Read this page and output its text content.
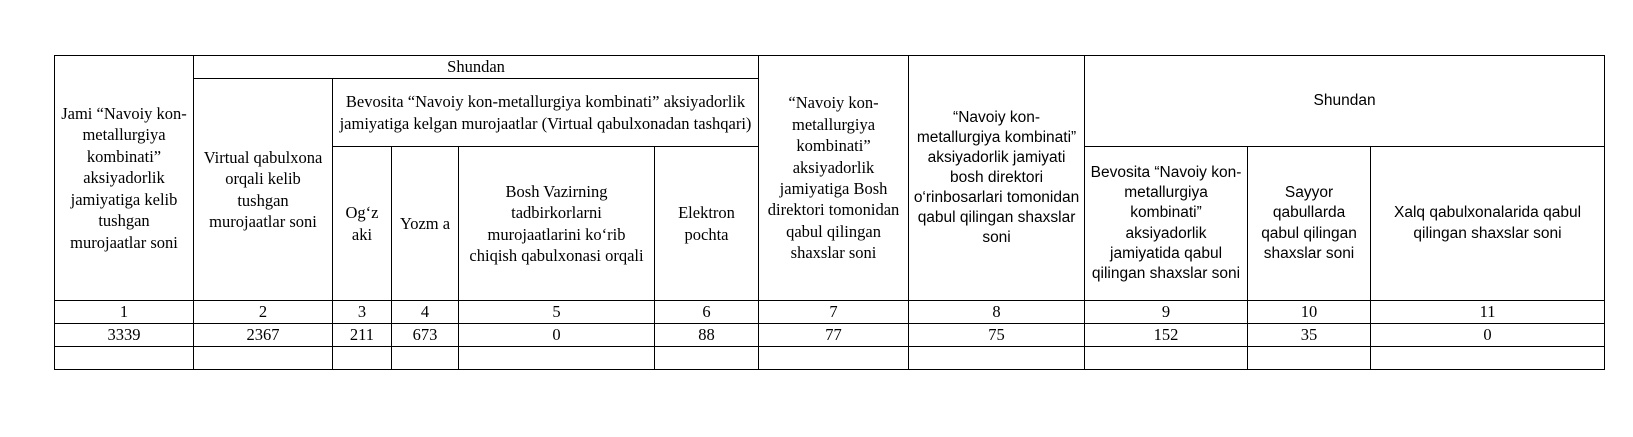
Jami “Navoiy kon-metallurgiya kombinati” aksiyadorlik jamiyatiga kelib tushgan murojaatlar soni	Shundan					“Navoiy kon-metallurgiya kombinati” aksiyadorlik jamiyatiga Bosh direktori tomonidan qabul qilingan shaxslar soni	“Navoiy kon-metallurgiya kombinati” aksiyadorlik jamiyati bosh direktori o‘rinbosarlari tomonidan qabul qilingan shaxslar soni	Shundan		
	Virtual qabulxona orqali kelib tushgan murojaatlar soni	Bevosita “Navoiy kon-metallurgiya kombinati” aksiyadorlik jamiyatiga kelgan murojaatlar (Virtual qabulxonadan tashqari)								
		Og‘z aki	Yozm a	Bosh Vazirning tadbirkorlarni murojaatlarini ko‘rib chiqish qabulxonasi orqali	Elektron pochta			Bevosita “Navoiy kon-metallurgiya kombinati” aksiyadorlik jamiyatida qabul qilingan shaxslar soni	Sayyor qabullarda qabul qilingan shaxslar soni	Xalq qabulxonalarida qabul qilingan shaxslar soni
1	2	3	4	5	6	7	8	9	10	11
3339	2367	211	673	0	88	77	75	152	35	0
